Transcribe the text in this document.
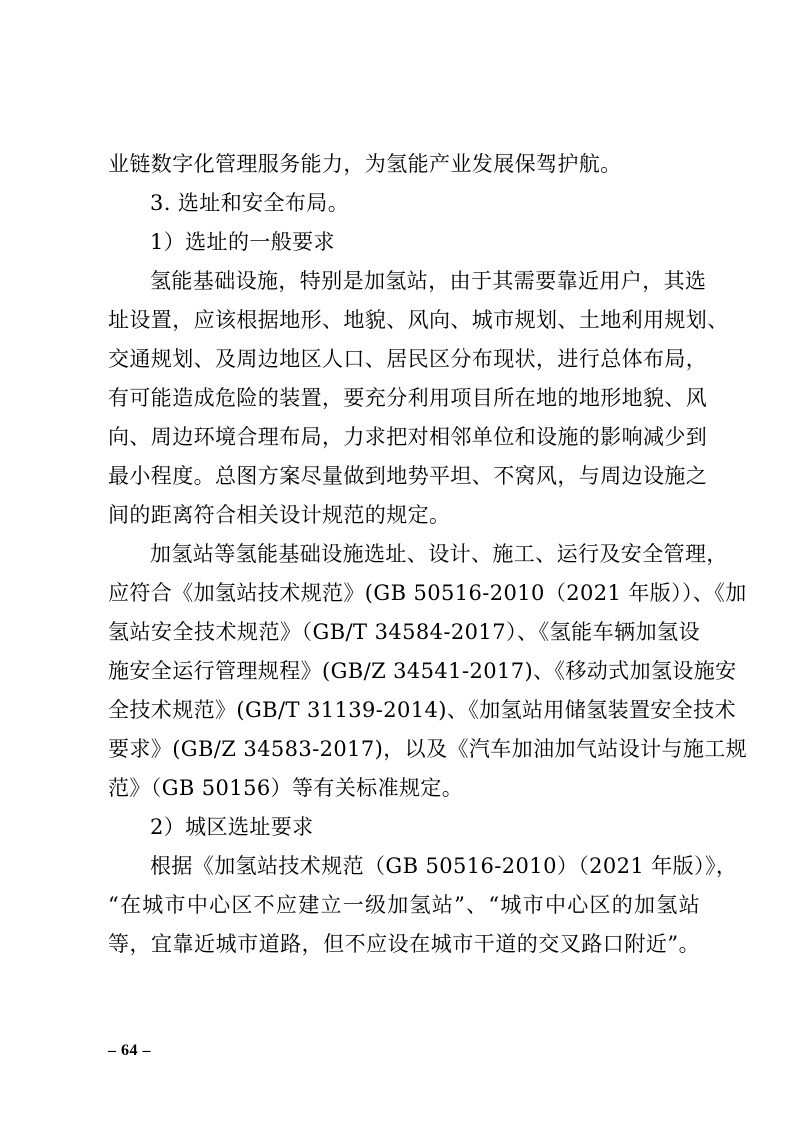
业链数字化管理服务能力，为氢能产业发展保驾护航。
3. 选址和安全布局。
1）选址的一般要求
氢能基础设施，特别是加氢站，由于其需要靠近用户，其选
址设置，应该根据地形、地貌、风向、城市规划、土地利用规划、
交通规划、及周边地区人口、居民区分布现状，进行总体布局，
有可能造成危险的装置，要充分利用项目所在地的地形地貌、风
向、周边环境合理布局，力求把对相邻单位和设施的影响减少到
最小程度。总图方案尽量做到地势平坦、不窝风，与周边设施之
间的距离符合相关设计规范的规定。
加氢站等氢能基础设施选址、设计、施工、运行及安全管理，
应符合《加氢站技术规范》(GB 50516-2010（2021 年版））、《加
氢站安全技术规范》（GB/T 34584-2017）、《氢能车辆加氢设
施安全运行管理规程》(GB/Z 34541-2017)、《移动式加氢设施安
全技术规范》(GB/T 31139-2014)、《加氢站用储氢装置安全技术
要求》(GB/Z 34583-2017)，以及《汽车加油加气站设计与施工规
范》（GB 50156）等有关标准规定。
2）城区选址要求
根据《加氢站技术规范（GB 50516-2010）（2021 年版）》，
“在城市中心区不应建立一级加氢站”、“城市中心区的加氢站
等，宜靠近城市道路，但不应设在城市干道的交叉路口附近”。
– 64 –
